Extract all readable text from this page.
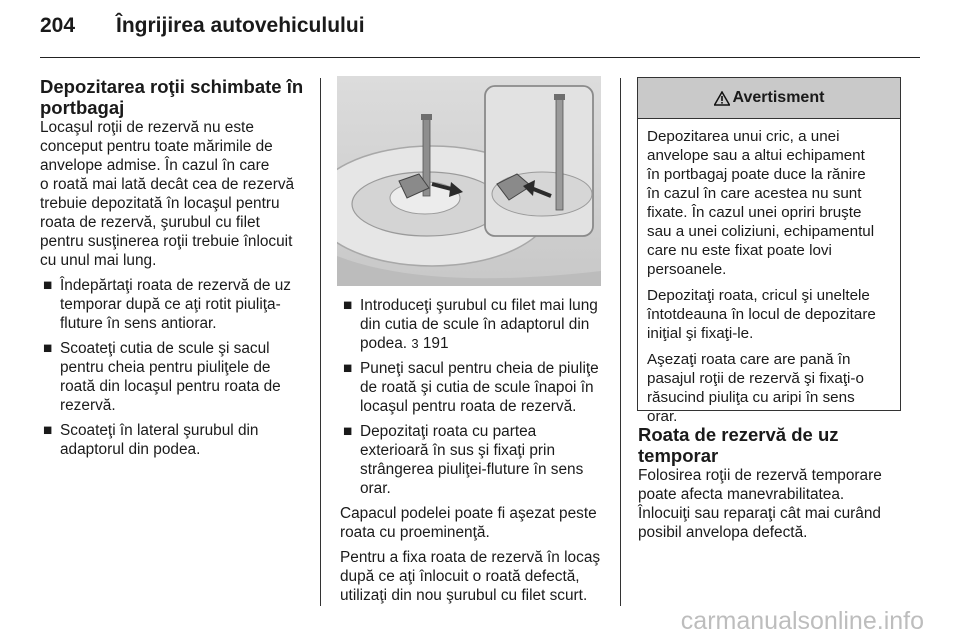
204 Îngrijirea autovehiculului
Depozitarea roţii schimbate în
portbagaj

Locaşul roţii de rezervă nu este
conceput pentru toate mărimile de
anvelope admise. În cazul în care
o roată mai lată decât cea de rezervă
trebuie depozitată în locaşul pentru
roata de rezervă, şurubul cu filet
pentru susţinerea roţii trebuie înlocuit
cu unul mai lung.

■ Îndepărtaţi roata de rezervă de uz
temporar după ce aţi rotit piuliţa-
fluture în sens antiorar.
■ Scoateţi cutia de scule şi sacul
pentru cheia pentru piuliţele de
roată din locaşul pentru roata de
rezervă.
■ Scoateţi în lateral şurubul din
adaptorul din podea.
■ Introduceţi şurubul cu filet mai lung
din cutia de scule în adaptorul din
podea. 3 191
■ Puneţi sacul pentru cheia de piuliţe
de roată şi cutia de scule înapoi în
locaşul pentru roata de rezervă.
■ Depozitaţi roata cu partea
exterioară în sus şi fixaţi prin
strângerea piuliţei-fluture în sens
orar.

Capacul podelei poate fi aşezat peste
roata cu proeminenţă.

Pentru a fixa roata de rezervă în locaş
după ce aţi înlocuit o roată defectă,
utilizaţi din nou şurubul cu filet scurt.

Avertisment

Depozitarea unui cric, a unei
anvelope sau a altui echipament
în portbagaj poate duce la rănire
în cazul în care acestea nu sunt
fixate. În cazul unei opriri bruşte
sau a unei coliziuni, echipamentul
care nu este fixat poate lovi
persoanele.

Depozitaţi roata, cricul şi uneltele
întotdeauna în locul de depozitare
iniţial şi fixaţi-le.

Aşezaţi roata care are pană în
pasajul roţii de rezervă şi fixaţi-o
răsucind piuliţa cu aripi în sens
orar.

Roata de rezervă de uz
temporar

Folosirea roţii de rezervă temporare
poate afecta manevrabilitatea.
Înlocuiţi sau reparaţi cât mai curând
posibil anvelopa defectă.

carmanualsonline.info
